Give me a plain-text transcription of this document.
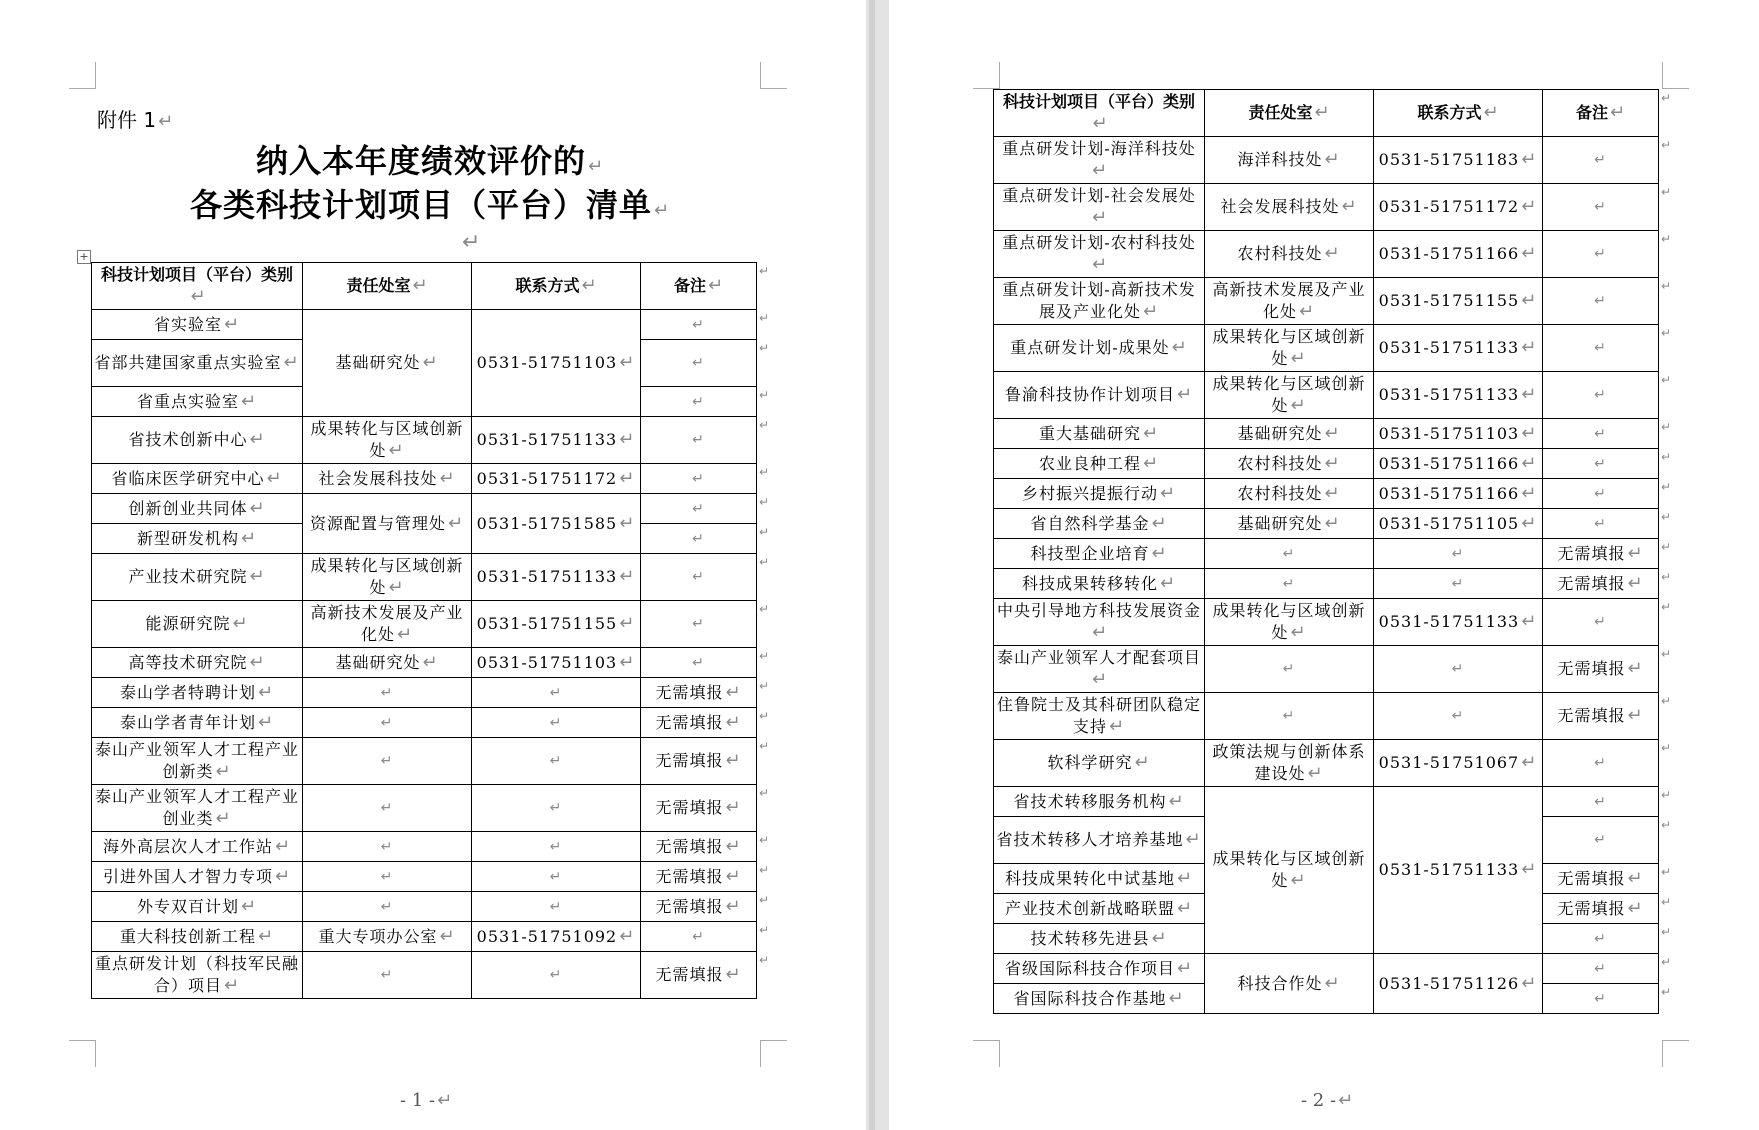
附件 1 ↵
纳入本年度绩效评价的 ↵
各类科技计划项目（平台）清单 ↵
↵
+
科技计划项目（平台）类别↵	责任处室 ↵	联系方式 ↵	备注 ↵
省实验室 ↵	基础研究处 ↵	0531-51751103 ↵	↵
省部共建国家重点实验室 ↵			↵
省重点实验室 ↵			↵
省技术创新中心 ↵	成果转化与区域创新处 ↵	0531-51751133 ↵	↵
省临床医学研究中心 ↵	社会发展科技处 ↵	0531-51751172 ↵	↵
创新创业共同体 ↵	资源配置与管理处 ↵	0531-51751585 ↵	↵
新型研发机构 ↵			↵
产业技术研究院 ↵	成果转化与区域创新处 ↵	0531-51751133 ↵	↵
能源研究院 ↵	高新技术发展及产业化处 ↵	0531-51751155 ↵	↵
高等技术研究院 ↵	基础研究处 ↵	0531-51751103 ↵	↵
泰山学者特聘计划 ↵	↵	↵	无需填报 ↵
泰山学者青年计划 ↵	↵	↵	无需填报 ↵
泰山产业领军人才工程产业创新类 ↵	↵	↵	无需填报 ↵
泰山产业领军人才工程产业创业类 ↵	↵	↵	无需填报 ↵
海外高层次人才工作站 ↵	↵	↵	无需填报 ↵
引进外国人才智力专项 ↵	↵	↵	无需填报 ↵
外专双百计划 ↵	↵	↵	无需填报 ↵
重大科技创新工程 ↵	重大专项办公室 ↵	0531-51751092 ↵	↵
重点研发计划（科技军民融合）项目 ↵	↵	↵	无需填报 ↵
- 1 - ↵	- 2 - ↵
科技计划项目（平台）类别↵	责任处室 ↵	联系方式 ↵	备注 ↵
重点研发计划-海洋科技处↵	海洋科技处 ↵	0531-51751183 ↵	↵
重点研发计划-社会发展处↵	社会发展科技处 ↵	0531-51751172 ↵	↵
重点研发计划-农村科技处↵	农村科技处 ↵	0531-51751166 ↵	↵
重点研发计划-高新技术发展及产业化处 ↵	高新技术发展及产业化处 ↵	0531-51751155 ↵	↵
重点研发计划-成果处 ↵	成果转化与区域创新处 ↵	0531-51751133 ↵	↵
鲁渝科技协作计划项目 ↵	成果转化与区域创新处 ↵	0531-51751133 ↵	↵
重大基础研究 ↵	基础研究处 ↵	0531-51751103 ↵	↵
农业良种工程 ↵	农村科技处 ↵	0531-51751166 ↵	↵
乡村振兴提振行动 ↵	农村科技处 ↵	0531-51751166 ↵	↵
省自然科学基金 ↵	基础研究处 ↵	0531-51751105 ↵	↵
科技型企业培育 ↵	↵	↵	无需填报 ↵
科技成果转移转化 ↵	↵	↵	无需填报 ↵
中央引导地方科技发展资金↵	成果转化与区域创新处 ↵	0531-51751133 ↵	↵
泰山产业领军人才配套项目↵	↵	↵	无需填报 ↵
住鲁院士及其科研团队稳定支持 ↵	↵	↵	无需填报 ↵
软科学研究 ↵	政策法规与创新体系建设处 ↵	0531-51751067 ↵	↵
省技术转移服务机构 ↵	成果转化与区域创新处 ↵	0531-51751133 ↵	↵
省技术转移人才培养基地 ↵			↵
科技成果转化中试基地 ↵			无需填报 ↵
产业技术创新战略联盟 ↵			无需填报 ↵
技术转移先进县 ↵			↵
省级国际科技合作项目 ↵	科技合作处 ↵	0531-51751126 ↵	↵
省国际科技合作基地 ↵			↵
↵
↵
↵
↵
↵
↵
↵
↵
↵
↵
↵
↵
↵
↵
↵
↵
↵
↵
↵
↵
↵
↵
↵
↵
↵
↵
↵
↵
↵
↵
↵
↵
↵
↵
↵
↵
↵
↵
↵
↵
↵
↵
↵
↵
